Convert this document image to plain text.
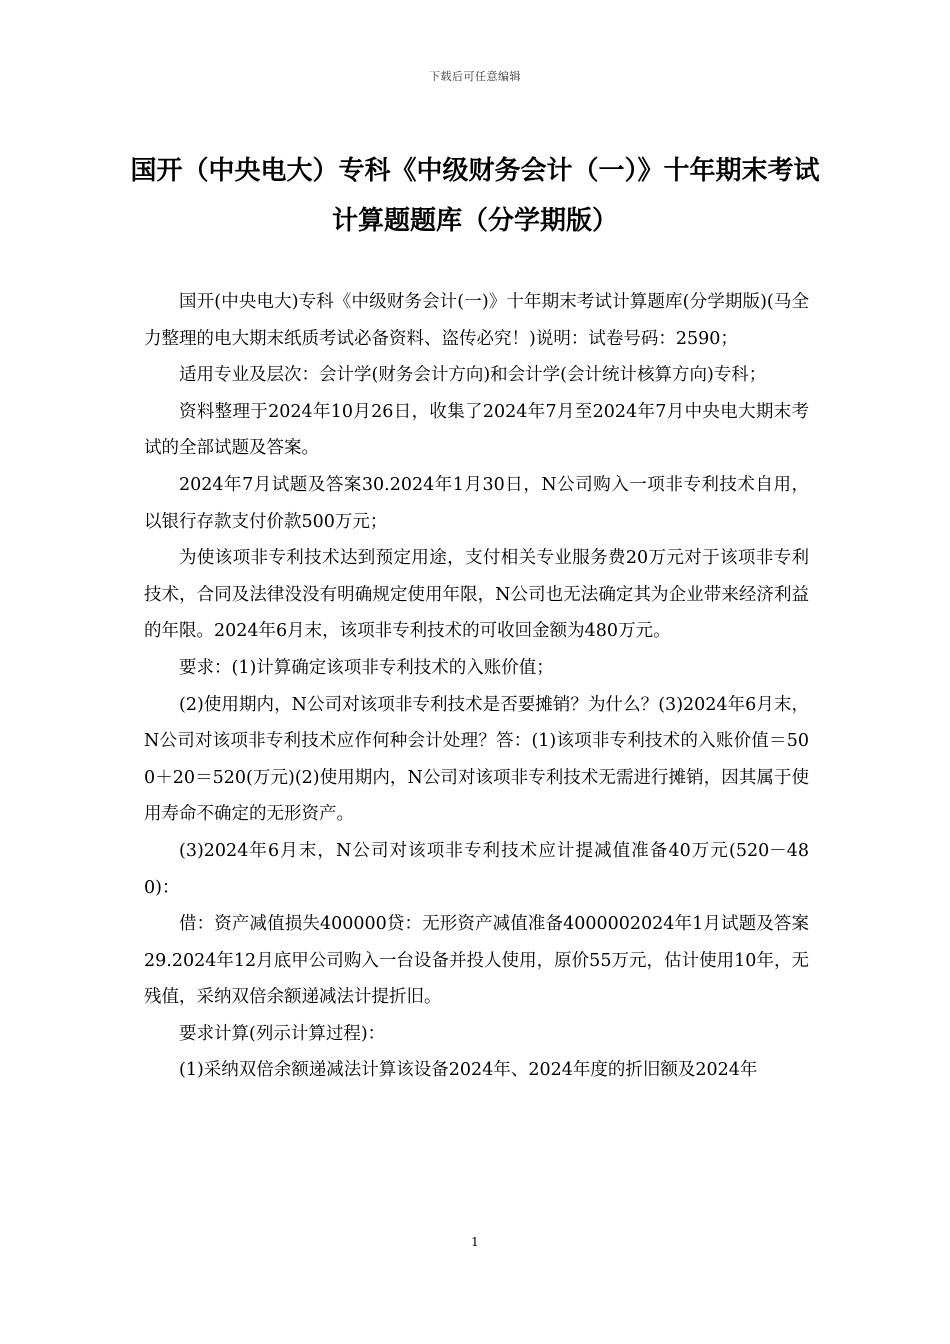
下载后可任意编辑
国开（中央电大）专科《中级财务会计（一）》十年期末考试计算题题库（分学期版）

国开(中央电大)专科《中级财务会计(一)》十年期末考试计算题库(分学期版)(马全力整理的电大期末纸质考试必备资料、盗传必究！)说明：试卷号码：2590；

适用专业及层次：会计学(财务会计方向)和会计学(会计统计核算方向)专科；

资料整理于2024年10月26日，收集了2024年7月至2024年7月中央电大期末考试的全部试题及答案。

2024年7月试题及答案30.2024年1月30日，N公司购入一项非专利技术自用，以银行存款支付价款500万元；

为使该项非专利技术达到预定用途，支付相关专业服务费20万元对于该项非专利技术，合同及法律没没有明确规定使用年限，N公司也无法确定其为企业带来经济利益的年限。2024年6月末，该项非专利技术的可收回金额为480万元。

要求：(1)计算确定该项非专利技术的入账价值；

(2)使用期内，N公司对该项非专利技术是否要摊销？为什么？(3)2024年6月末，N公司对该项非专利技术应作何种会计处理？答：(1)该项非专利技术的入账价值＝500＋20＝520(万元)(2)使用期内，N公司对该项非专利技术无需进行摊销，因其属于使用寿命不确定的无形资产。

(3)2024年6月末，N公司对该项非专利技术应计提减值准备40万元(520－480)：

借：资产减值损失400000贷：无形资产减值准备4000002024年1月试题及答案29.2024年12月底甲公司购入一台设备并投人使用，原价55万元，估计使用10年，无残值，采纳双倍余额递减法计提折旧。

要求计算(列示计算过程)：

(1)采纳双倍余额递减法计算该设备2024年、2024年度的折旧额及2024年

1
